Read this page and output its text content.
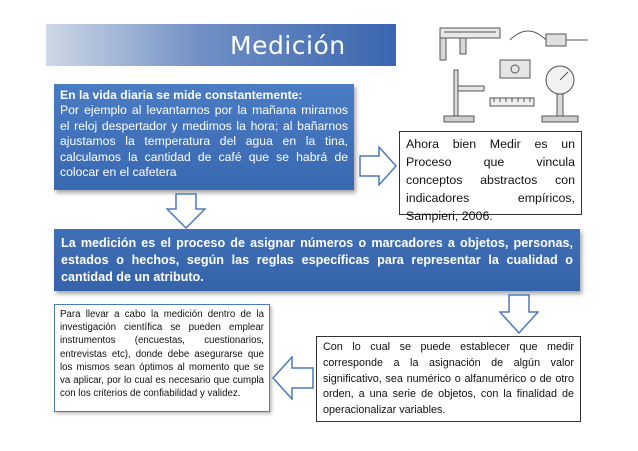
Medición
En la vida diaria se mide constantemente:
Por ejemplo al levantarnos por la mañana miramos el reloj despertador y medimos la hora; al bañarnos ajustamos la temperatura del agua en la tina, calculamos la cantidad de café que se habrá de colocar en el cafetera
Ahora bien Medir es un Proceso que vincula conceptos abstractos con indicadores empíricos, Sampieri, 2006.
La medición es el proceso de asignar números o marcadores a objetos, personas, estados o hechos, según las reglas específicas para representar la cualidad o cantidad de un atributo.
Para llevar a cabo la medición dentro de la investigación científica se pueden emplear instrumentos (encuestas, cuestionarios, entrevistas etc), donde debe asegurarse que los mismos sean óptimos al momento que se va aplicar, por lo cual es necesario que cumpla con los criterios de confiabilidad y validez.
Con lo cual se puede establecer que medir corresponde a la asignación de algún valor significativo, sea numérico o alfanumérico o de otro orden, a una serie de objetos, con la finalidad de operacionalizar variables.
